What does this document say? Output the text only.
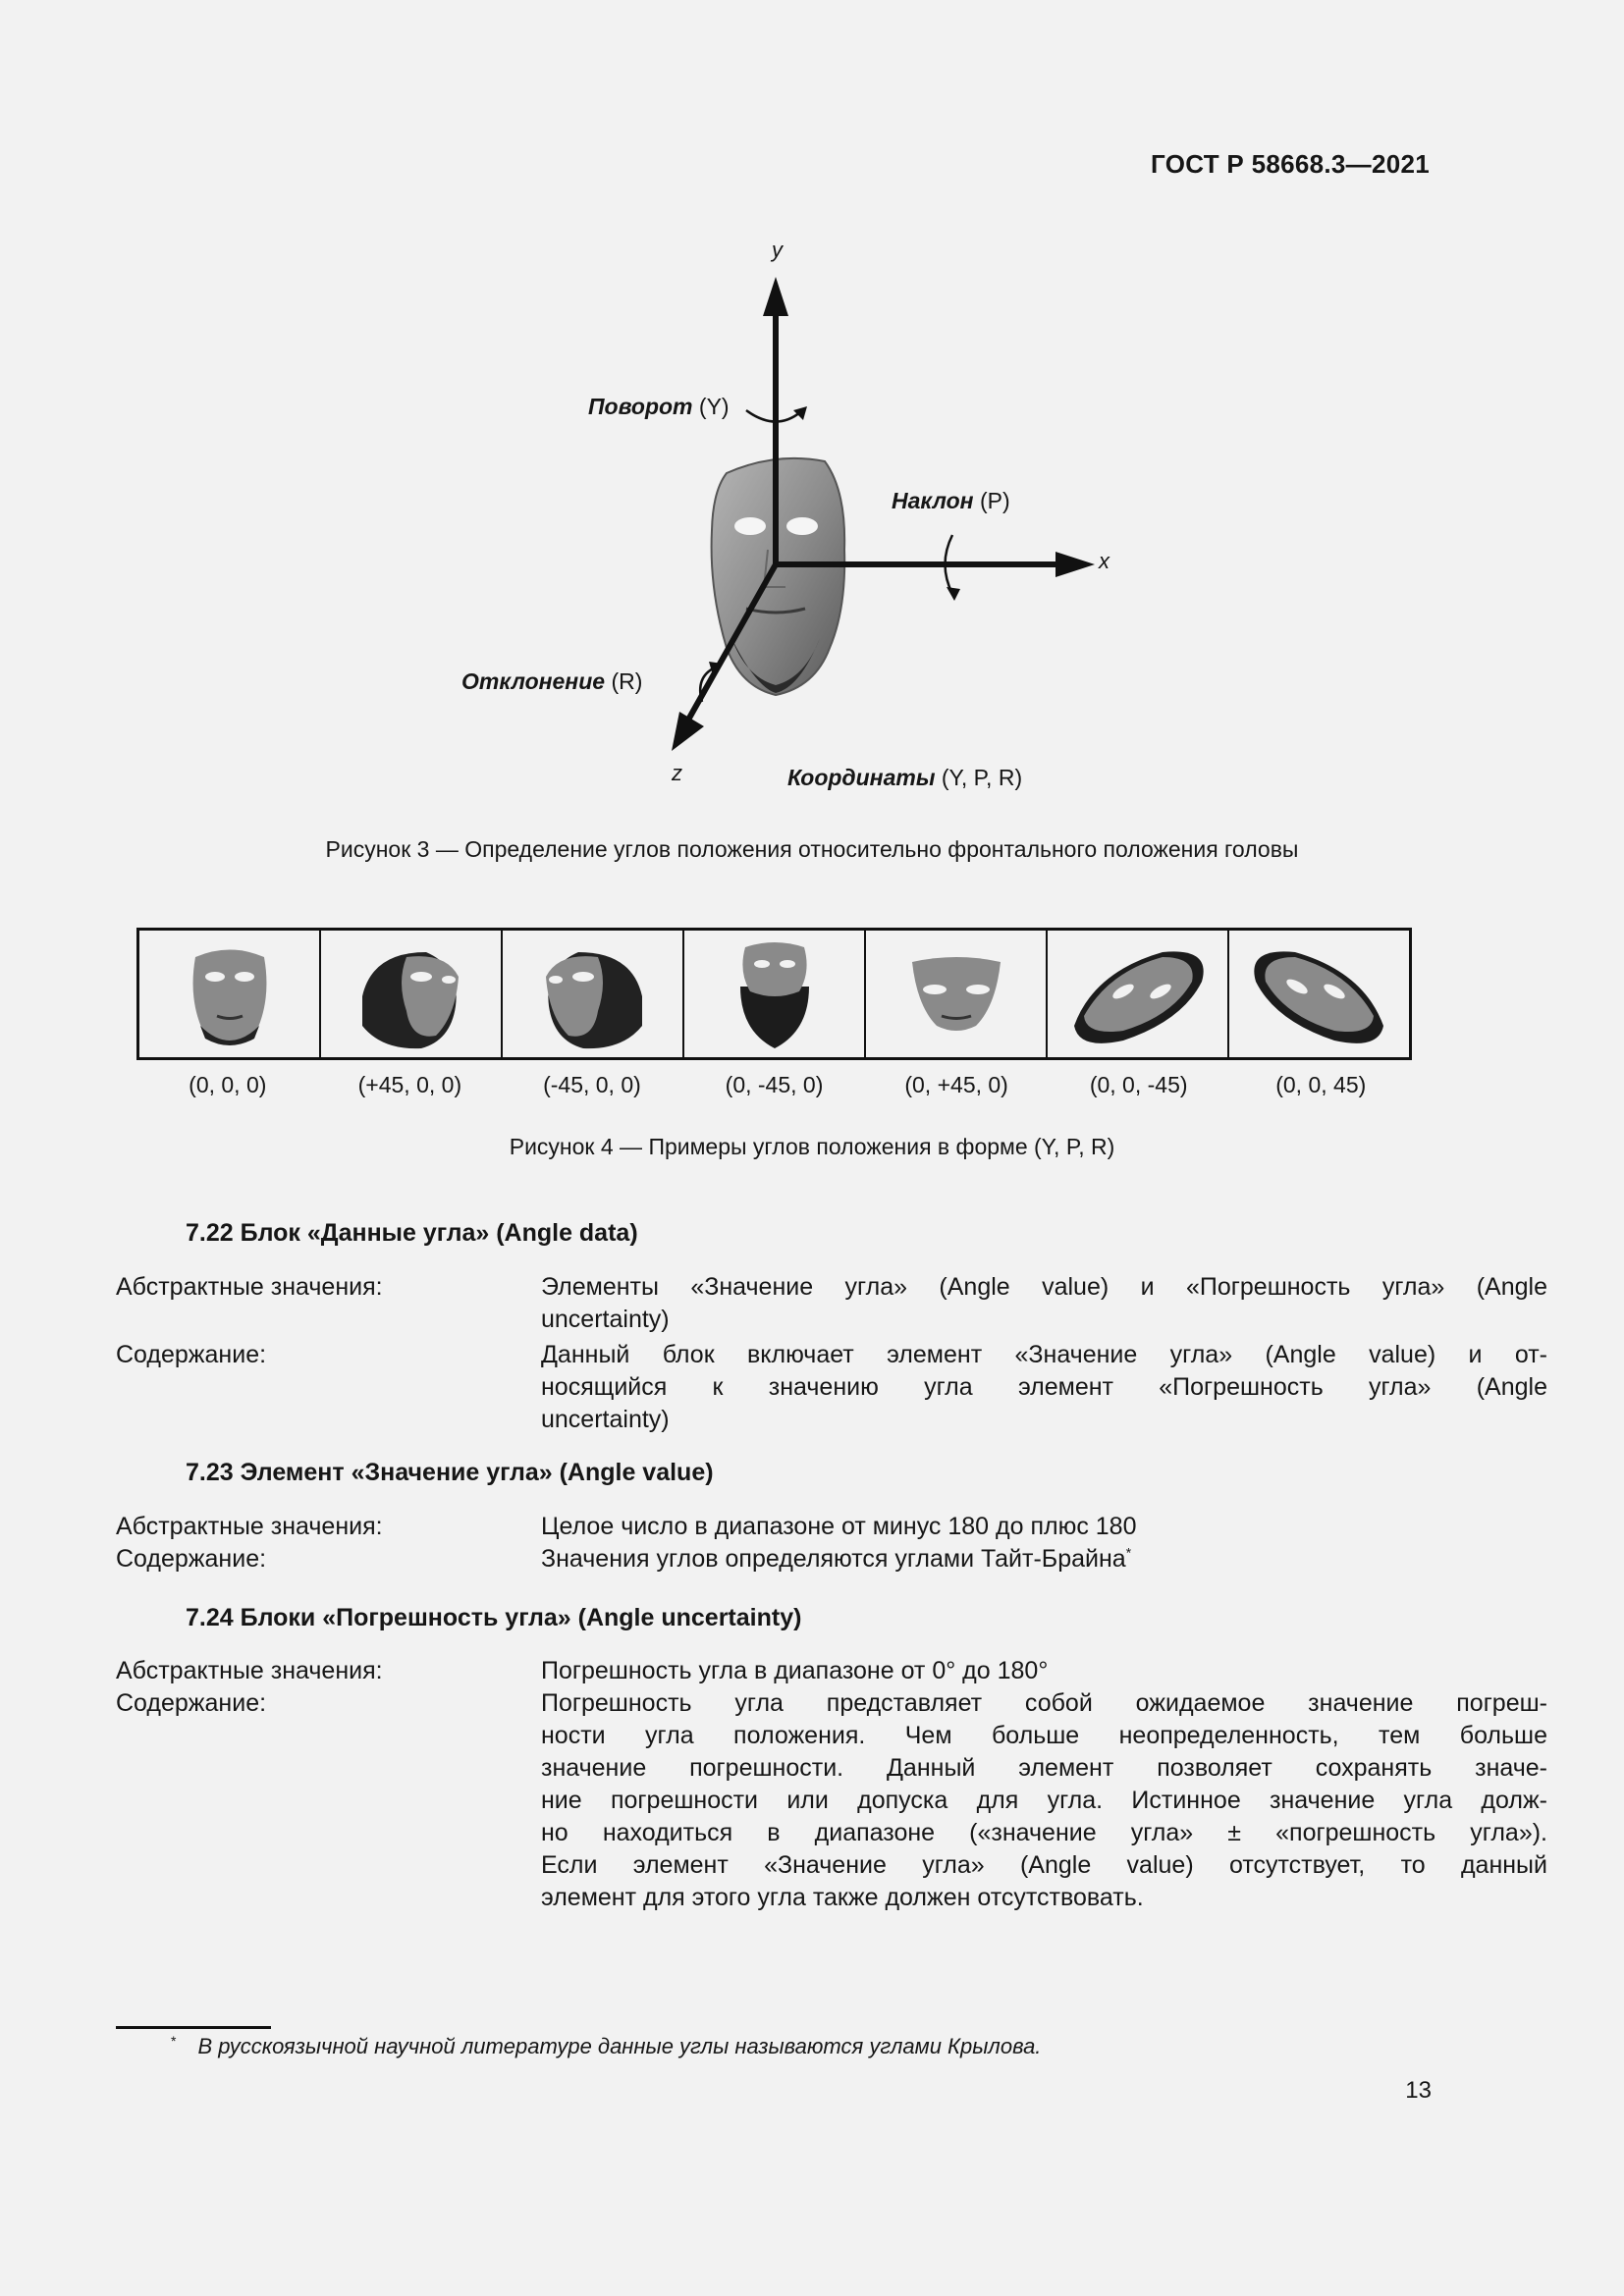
ГОСТ Р 58668.3—2021
y
x
z
Поворот (Y)
Наклон (P)
Отклонение (R)
Координаты (Y, P, R)
Рисунок 3 — Определение углов положения относительно фронтального положения головы
(0, 0, 0)	(+45, 0, 0)	(-45, 0, 0)	(0, -45, 0)	(0, +45, 0)	(0, 0, -45)	(0, 0, 45)
Рисунок 4 — Примеры углов положения в форме (Y, P, R)
7.22 Блок «Данные угла» (Angle data)
Абстрактные значения:	Элементы «Значение угла» (Angle value) и «Погрешность угла» (Angle
uncertainty)
Содержание:	Данный блок включает элемент «Значение угла» (Angle value) и от-
носящийся к значению угла элемент «Погрешность угла» (Angle
uncertainty)
7.23 Элемент «Значение угла» (Angle value)
Абстрактные значения:	Целое число в диапазоне от минус 180 до плюс 180
Содержание:	Значения углов определяются углами Тайт-Брайна*
7.24 Блоки «Погрешность угла» (Angle uncertainty)
Абстрактные значения:	Погрешность угла в диапазоне от 0° до 180°
Содержание:	Погрешность угла представляет собой ожидаемое значение погреш-
ности угла положения. Чем больше неопределенность, тем больше
значение погрешности. Данный элемент позволяет сохранять значе-
ние погрешности или допуска для угла. Истинное значение угла долж-
но находиться в диапазоне («значение угла» ± «погрешность угла»).
Если элемент «Значение угла» (Angle value) отсутствует, то данный
элемент для этого угла также должен отсутствовать.
* В русскоязычной научной литературе данные углы называются углами Крылова.
13
